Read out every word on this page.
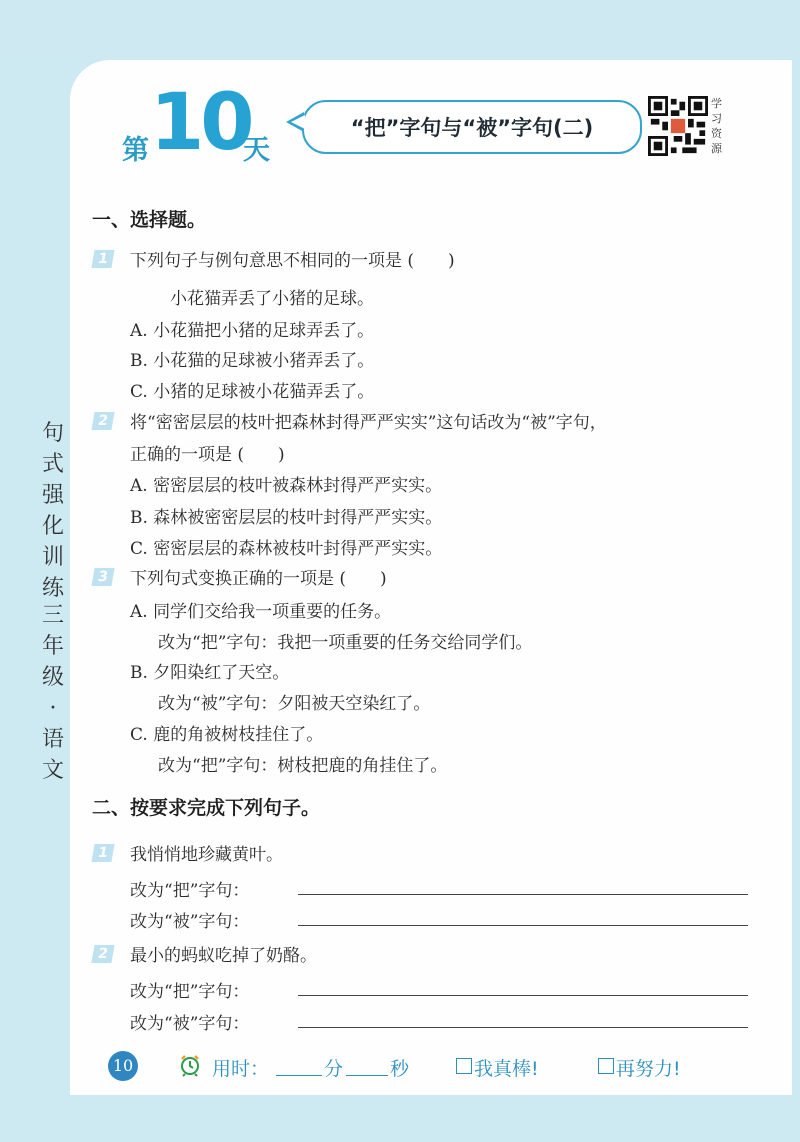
第 10
天
“把”字句与“被”字句(二)
学习资源
句
式
强
化
训
练
三
年
级
·
语
文
一、选择题。
1	下列句子与例句意思不相同的一项是 (　　)
小花猫弄丢了小猪的足球。
A. 小花猫把小猪的足球弄丢了。
B. 小花猫的足球被小猪弄丢了。
C. 小猪的足球被小花猫弄丢了。
2	将“密密层层的枝叶把森林封得严严实实”这句话改为“被”字句，
正确的一项是 (　　)
A. 密密层层的枝叶被森林封得严严实实。
B. 森林被密密层层的枝叶封得严严实实。
C. 密密层层的森林被枝叶封得严严实实。
3	下列句式变换正确的一项是 (　　)
A. 同学们交给我一项重要的任务。
改为“把”字句：我把一项重要的任务交给同学们。
B. 夕阳染红了天空。
改为“被”字句：夕阳被天空染红了。
C. 鹿的角被树枝挂住了。
改为“把”字句：树枝把鹿的角挂住了。
二、按要求完成下列句子。
1	我悄悄地珍藏黄叶。
改为“把”字句：
改为“被”字句：
2	最小的蚂蚁吃掉了奶酪。
改为“把”字句：
改为“被”字句：
10	用时：	分 秒	我真棒!	再努力!
